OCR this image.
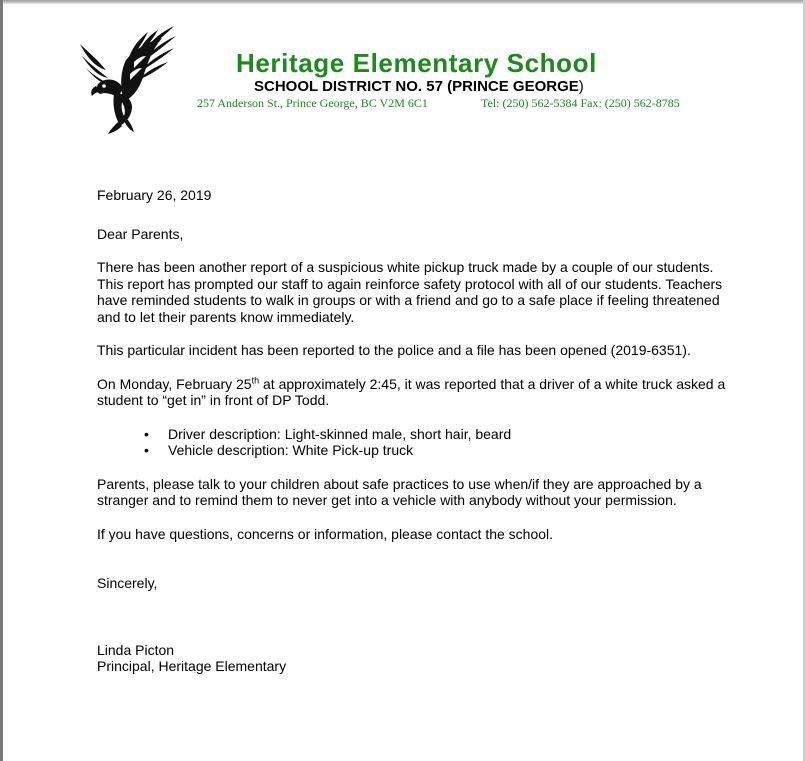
Heritage Elementary School
SCHOOL DISTRICT NO. 57 (PRINCE GEORGE)
257 Anderson St., Prince George, BC V2M 6C1	Tel: (250) 562-5384 Fax: (250) 562-8785

February 26, 2019

Dear Parents,

There has been another report of a suspicious white pickup truck made by a couple of our students. This report has prompted our staff to again reinforce safety protocol with all of our students. Teachers have reminded students to walk in groups or with a friend and go to a safe place if feeling threatened and to let their parents know immediately.

This particular incident has been reported to the police and a file has been opened (2019-6351).

On Monday, February 25th at approximately 2:45, it was reported that a driver of a white truck asked a student to “get in” in front of DP Todd.

• Driver description: Light-skinned male, short hair, beard
• Vehicle description: White Pick-up truck

Parents, please talk to your children about safe practices to use when/if they are approached by a stranger and to remind them to never get into a vehicle with anybody without your permission.

If you have questions, concerns or information, please contact the school.

Sincerely,

Linda Picton

Principal, Heritage Elementary
